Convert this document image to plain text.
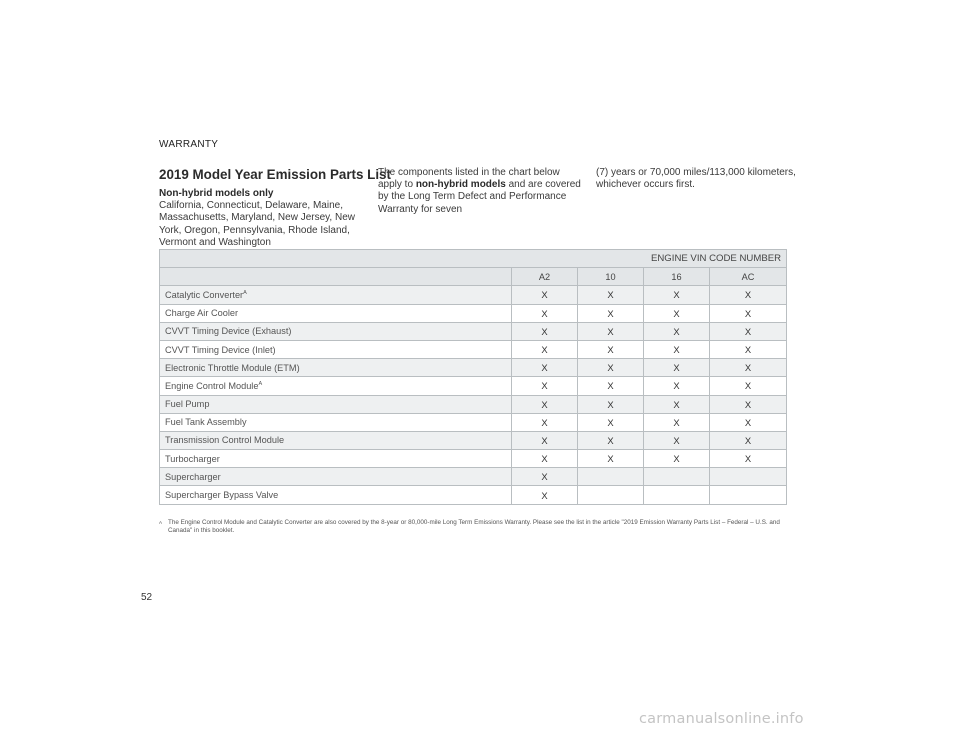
WARRANTY
2019 Model Year Emission Parts List
Non-hybrid models only
California, Connecticut, Delaware, Maine, Massachusetts, Maryland, New Jersey, New York, Oregon, Pennsylvania, Rhode Island, Vermont and Washington
The components listed in the chart below apply to non-hybrid models and are covered by the Long Term Defect and Performance Warranty for seven
(7) years or 70,000 miles/113,000 kilometers, whichever occurs first.
ENGINE VIN CODE NUMBER				
	A2	10	16	AC
Catalytic Converter$^A$	X	X	X	X
Charge Air Cooler	X	X	X	X
CVVT Timing Device (Exhaust)	X	X	X	X
CVVT Timing Device (Inlet)	X	X	X	X
Electronic Throttle Module (ETM)	X	X	X	X
Engine Control Module$^A$	X	X	X	X
Fuel Pump	X	X	X	X
Fuel Tank Assembly	X	X	X	X
Transmission Control Module	X	X	X	X
Turbocharger	X	X	X	X
Supercharger	X			
Supercharger Bypass Valve	X			
A The Engine Control Module and Catalytic Converter are also covered by the 8-year or 80,000-mile Long Term Emissions Warranty. Please see the list in the article "2019 Emission Warranty Parts List – Federal – U.S. and Canada" in this booklet.
52
carmanualsonline.info
